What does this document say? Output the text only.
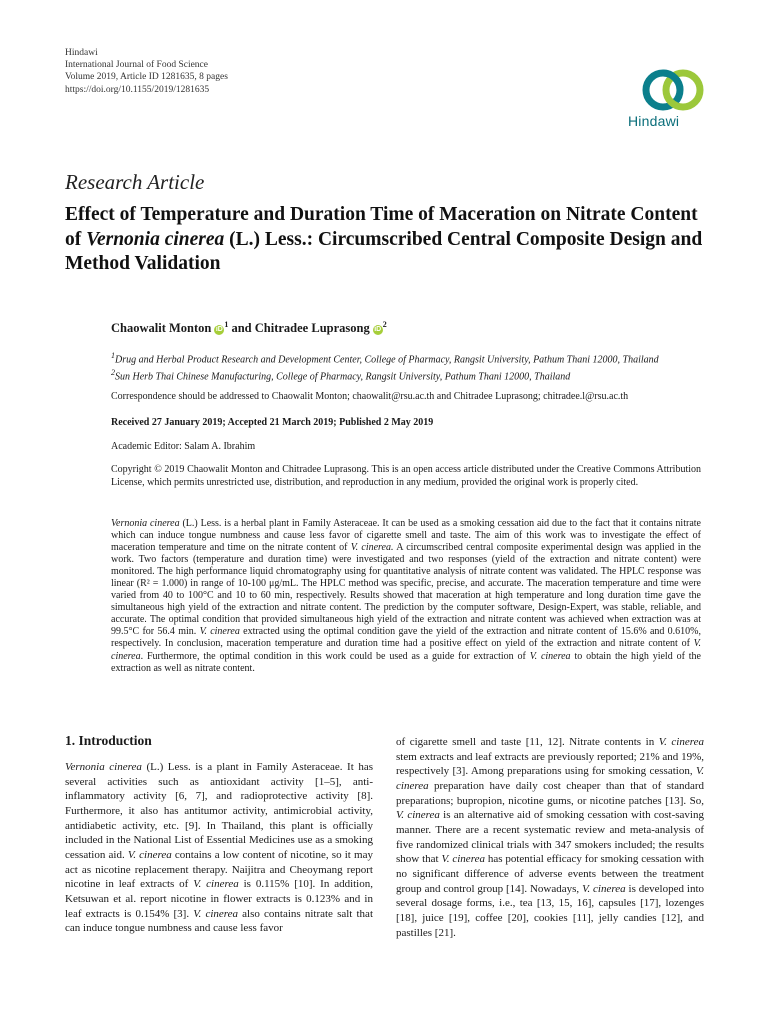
Hindawi
International Journal of Food Science
Volume 2019, Article ID 1281635, 8 pages
https://doi.org/10.1155/2019/1281635
Hindawi
Research Article
Effect of Temperature and Duration Time of Maceration on Nitrate Content of Vernonia cinerea (L.) Less.: Circumscribed Central Composite Design and Method Validation
Chaowalit Monton $iD^1$ and Chitradee Luprasong $iD^2$
$^1$Drug and Herbal Product Research and Development Center, College of Pharmacy, Rangsit University, Pathum Thani 12000, Thailand
$^2$Sun Herb Thai Chinese Manufacturing, College of Pharmacy, Rangsit University, Pathum Thani 12000, Thailand
Correspondence should be addressed to Chaowalit Monton; chaowalit@rsu.ac.th and Chitradee Luprasong; chitradee.l@rsu.ac.th
Received 27 January 2019; Accepted 21 March 2019; Published 2 May 2019
Academic Editor: Salam A. Ibrahim
Copyright © 2019 Chaowalit Monton and Chitradee Luprasong. This is an open access article distributed under the Creative Commons Attribution License, which permits unrestricted use, distribution, and reproduction in any medium, provided the original work is properly cited.
Vernonia cinerea (L.) Less. is a herbal plant in Family Asteraceae. It can be used as a smoking cessation aid due to the fact that it contains nitrate which can induce tongue numbness and cause less favor of cigarette smell and taste. The aim of this work was to investigate the effect of maceration temperature and time on the nitrate content of V. cinerea. A circumscribed central composite experimental design was applied in the work. Two factors (temperature and duration time) were investigated and two responses (yield of the extraction and nitrate content) were monitored. The high performance liquid chromatography using for quantitative analysis of nitrate content was validated. The HPLC response was linear (R² = 1.000) in range of 10-100 μg/mL. The HPLC method was specific, precise, and accurate. The maceration temperature and time were varied from 40 to 100°C and 10 to 60 min, respectively. Results showed that maceration at high temperature and long duration time gave the simultaneous high yield of the extraction and nitrate content. The prediction by the computer software, Design-Expert, was stable, reliable, and accurate. The optimal condition that provided simultaneous high yield of the extraction and nitrate content was achieved when extraction was at 99.5°C for 56.4 min. V. cinerea extracted using the optimal condition gave the yield of the extraction and nitrate content of 15.6% and 0.610%, respectively. In conclusion, maceration temperature and duration time had a positive effect on yield of the extraction and nitrate content of V. cinerea. Furthermore, the optimal condition in this work could be used as a guide for extraction of V. cinerea to obtain the high yield of the extraction as well as nitrate content.
1. Introduction
Vernonia cinerea (L.) Less. is a plant in Family Asteraceae. It has several activities such as antioxidant activity [1–5], anti-inflammatory activity [6, 7], and radioprotective activity [8]. Furthermore, it also has antitumor activity, antimicrobial activity, antidiabetic activity, etc. [9]. In Thailand, this plant is officially included in the National List of Essential Medicines use as a smoking cessation aid. V. cinerea contains a low content of nicotine, so it may act as nicotine replacement therapy. Naijitra and Cheoymang report nicotine in leaf extracts of V. cinerea is 0.115% [10]. In addition, Ketsuwan et al. report nicotine in flower extracts is 0.123% and in leaf extracts is 0.154% [3]. V. cinerea also contains nitrate salt that can induce tongue numbness and cause less favor
of cigarette smell and taste [11, 12]. Nitrate contents in V. cinerea stem extracts and leaf extracts are previously reported; 21% and 19%, respectively [3]. Among preparations using for smoking cessation, V. cinerea preparation have daily cost cheaper than that of standard preparations; bupropion, nicotine gums, or nicotine patches [13]. So, V. cinerea is an alternative aid of smoking cessation with cost-saving manner. There are a recent systematic review and meta-analysis of five randomized clinical trials with 347 smokers included; the results show that V. cinerea has potential efficacy for smoking cessation with no significant difference of adverse events between the treatment group and control group [14]. Nowadays, V. cinerea is developed into several dosage forms, i.e., tea [13, 15, 16], capsules [17], lozenges [18], juice [19], coffee [20], cookies [11], jelly candies [12], and pastilles [21].
